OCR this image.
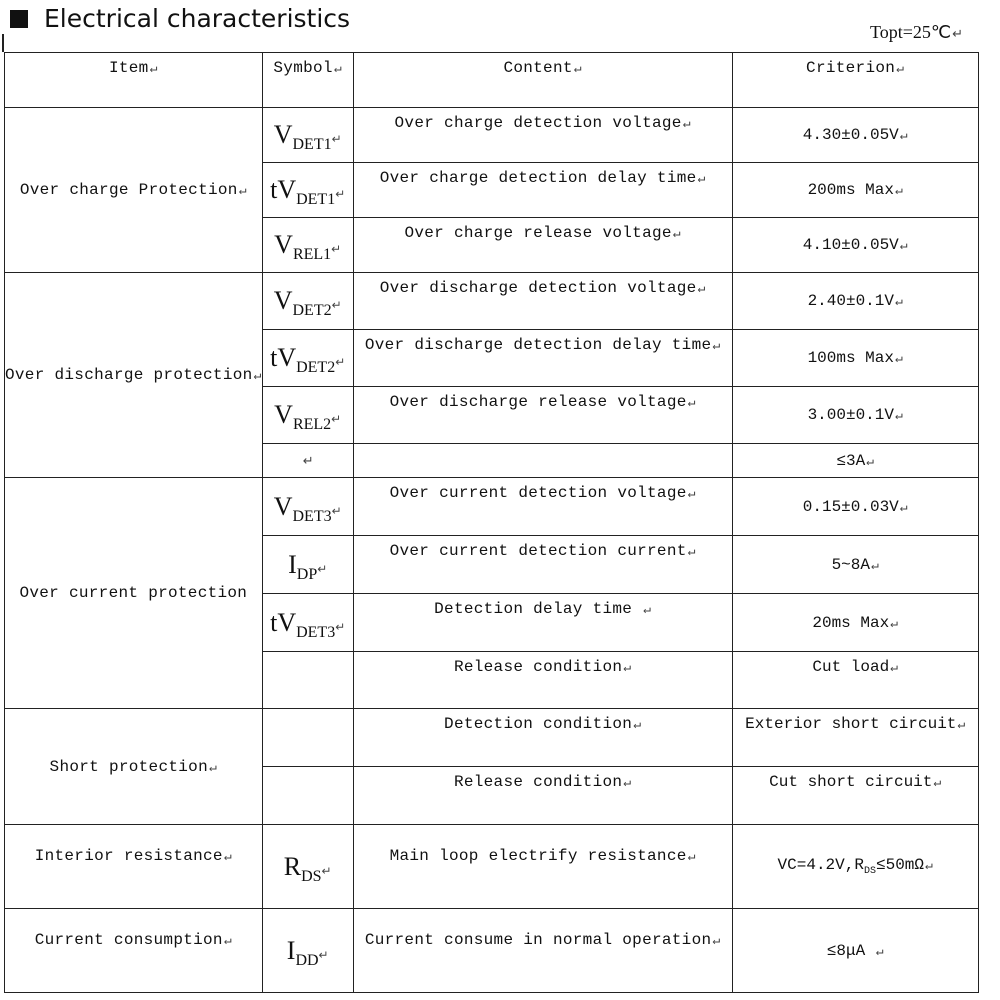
Electrical characteristics	Topt=25℃↵
Item↵	Symbol↵	Content↵	Criterion↵
Over charge Protection↵	$V_{DET1}↵$	Over charge detection voltage↵	4.30±0.05V↵
	$tV_{DET1}↵$	Over charge detection delay time↵	200ms Max↵
	$V_{REL1}↵$	Over charge release voltage↵	4.10±0.05V↵
Over discharge protection↵	$V_{DET2}↵$	Over discharge detection voltage↵	2.40±0.1V↵
	$tV_{DET2}↵$	Over discharge detection delay time↵	100ms Max↵
	$V_{REL2}↵$	Over discharge release voltage↵	3.00±0.1V↵
	↵		≤3A↵
Over current protection	$V_{DET3}↵$	Over current detection voltage↵	0.15±0.03V↵
	$I_{DP}↵$	Over current detection current↵	5~8A↵
	$tV_{DET3}↵$	Detection delay time ↵	20ms Max↵
		Release condition↵	Cut load↵
Short protection↵		Detection condition↵	Exterior short circuit↵
		Release condition↵	Cut short circuit↵
Interior resistance↵	$R_{DS}↵$	Main loop electrify resistance↵	$VC=4.2V,R_{DS}\le 50m\Omega↵$
Current consumption↵	$I_{DD}↵$	Current consume in normal operation↵	≤8μA ↵
